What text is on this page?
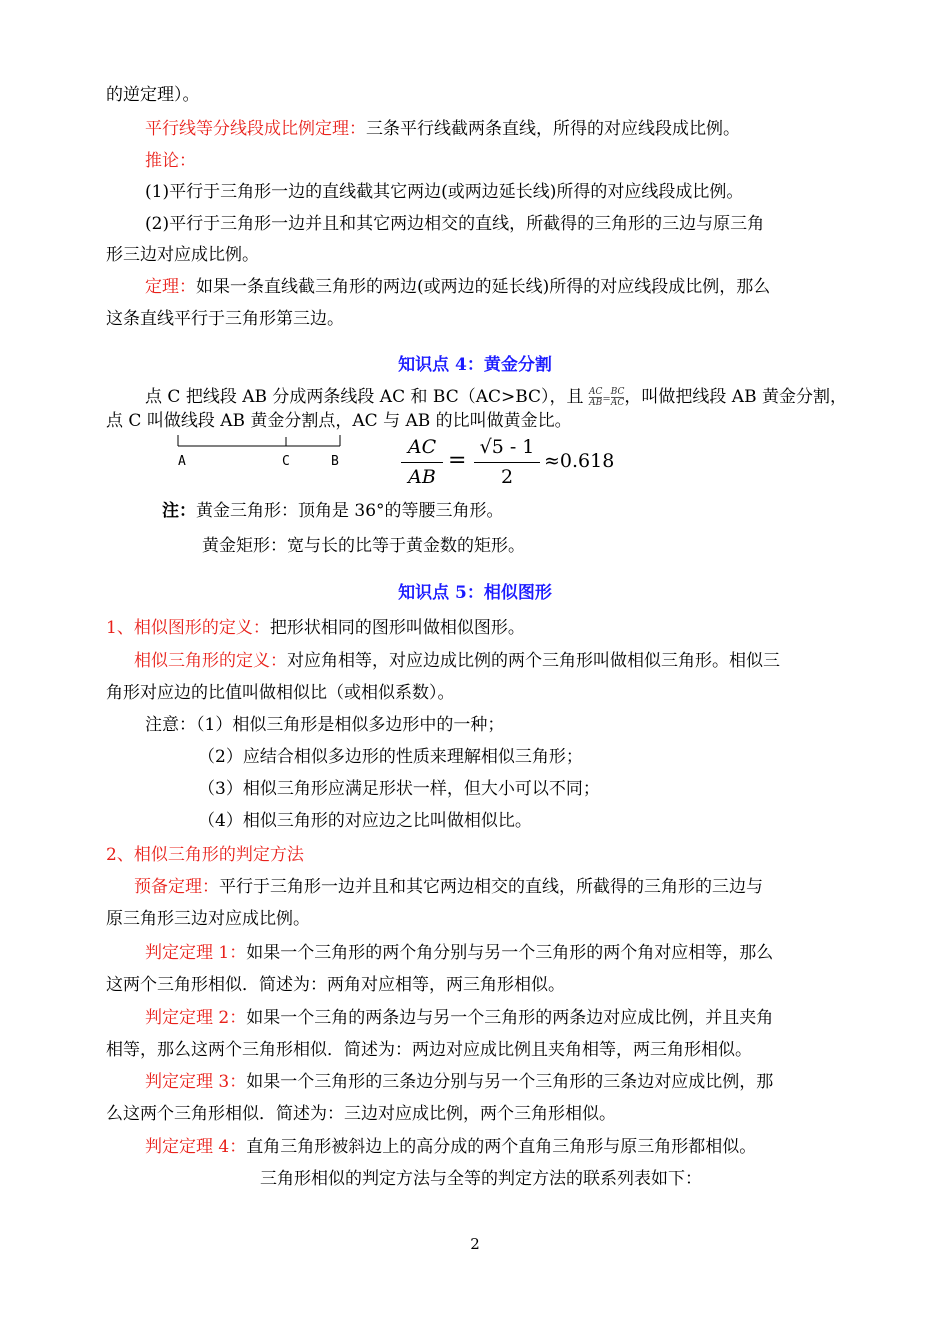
的逆定理）。
平行线等分线段成比例定理：三条平行线截两条直线，所得的对应线段成比例。
推论：
(1)平行于三角形一边的直线截其它两边(或两边延长线)所得的对应线段成比例。
(2)平行于三角形一边并且和其它两边相交的直线，所截得的三角形的三边与原三角
形三边对应成比例。
定理：如果一条直线截三角形的两边(或两边的延长线)所得的对应线段成比例，那么
这条直线平行于三角形第三边。
知识点 4：黄金分割
点 C 把线段 AB 分成两条线段 AC 和 BC（AC>BC），且 $\frac{AC}{AB} = \frac{BC}{AC}$ ，叫做把线段 AB 黄金分割，
点 C 叫做线段 AB 黄金分割点，AC 与 AB 的比叫做黄金比。
A	C	B
AC
AB
=
√5 - 1
2
≈0.618
注：黄金三角形：顶角是 36°的等腰三角形。
黄金矩形：宽与长的比等于黄金数的矩形。
知识点 5：相似图形
1、相似图形的定义：把形状相同的图形叫做相似图形。
相似三角形的定义：对应角相等，对应边成比例的两个三角形叫做相似三角形。相似三
角形对应边的比值叫做相似比（或相似系数）。
注意：（1）相似三角形是相似多边形中的一种；
（2）应结合相似多边形的性质来理解相似三角形；
（3）相似三角形应满足形状一样，但大小可以不同；
（4）相似三角形的对应边之比叫做相似比。
2、相似三角形的判定方法
预备定理：平行于三角形一边并且和其它两边相交的直线，所截得的三角形的三边与
原三角形三边对应成比例。
判定定理 1：如果一个三角形的两个角分别与另一个三角形的两个角对应相等，那么
这两个三角形相似．简述为：两角对应相等，两三角形相似。
判定定理 2：如果一个三角的两条边与另一个三角形的两条边对应成比例，并且夹角
相等，那么这两个三角形相似．简述为：两边对应成比例且夹角相等，两三角形相似。
判定定理 3：如果一个三角形的三条边分别与另一个三角形的三条边对应成比例，那
么这两个三角形相似．简述为：三边对应成比例，两个三角形相似。
判定定理 4：直角三角形被斜边上的高分成的两个直角三角形与原三角形都相似。
三角形相似的判定方法与全等的判定方法的联系列表如下：
2
